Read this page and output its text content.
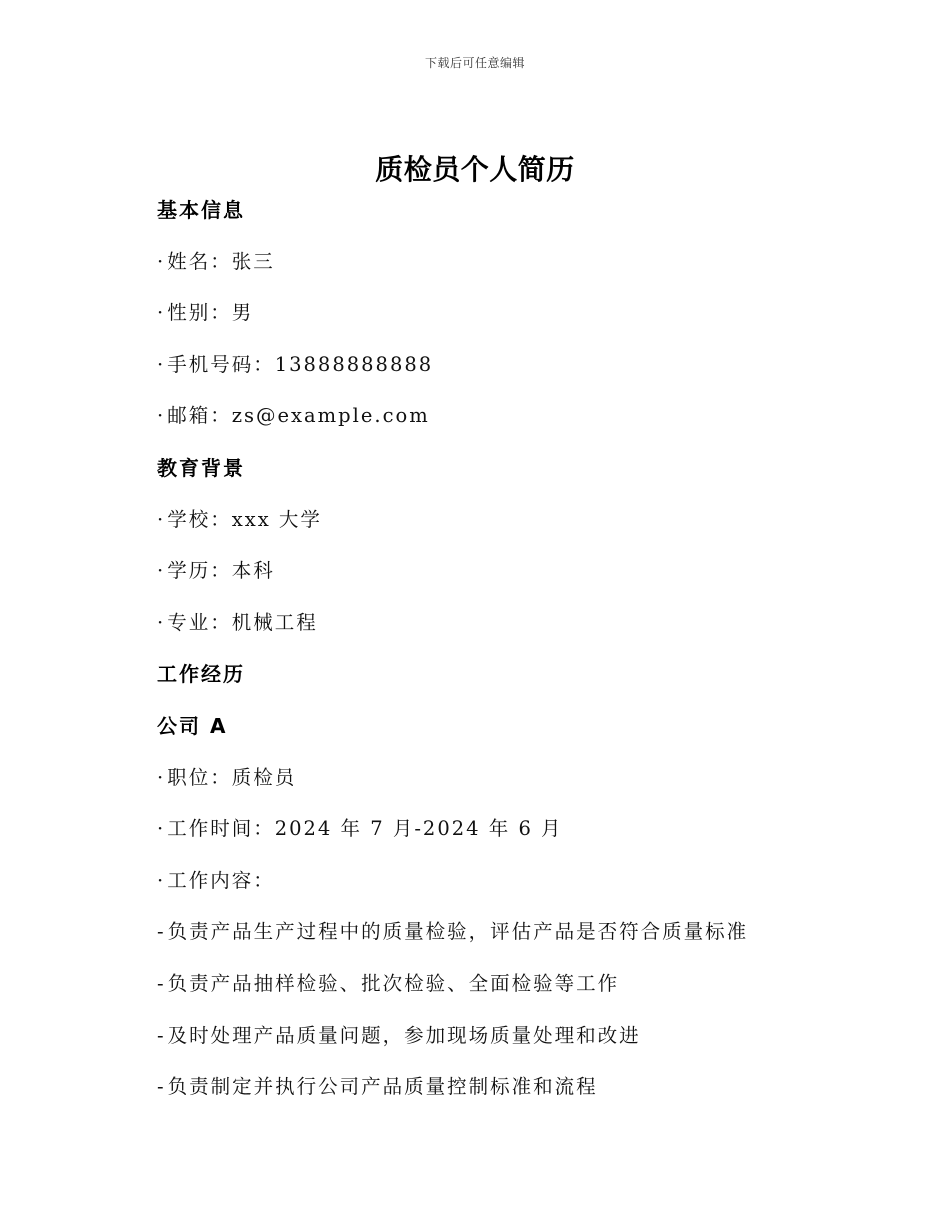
下载后可任意编辑
质检员个人简历
基本信息
· 姓名：张三
· 性别：男
· 手机号码：13888888888
· 邮箱：zs@example.com
教育背景
· 学校：xxx 大学
· 学历：本科
· 专业：机械工程
工作经历
公司 A
· 职位：质检员
· 工作时间：2024 年 7 月-2024 年 6 月
· 工作内容：
- 负责产品生产过程中的质量检验，评估产品是否符合质量标准
- 负责产品抽样检验、批次检验、全面检验等工作
- 及时处理产品质量问题，参加现场质量处理和改进
- 负责制定并执行公司产品质量控制标准和流程
